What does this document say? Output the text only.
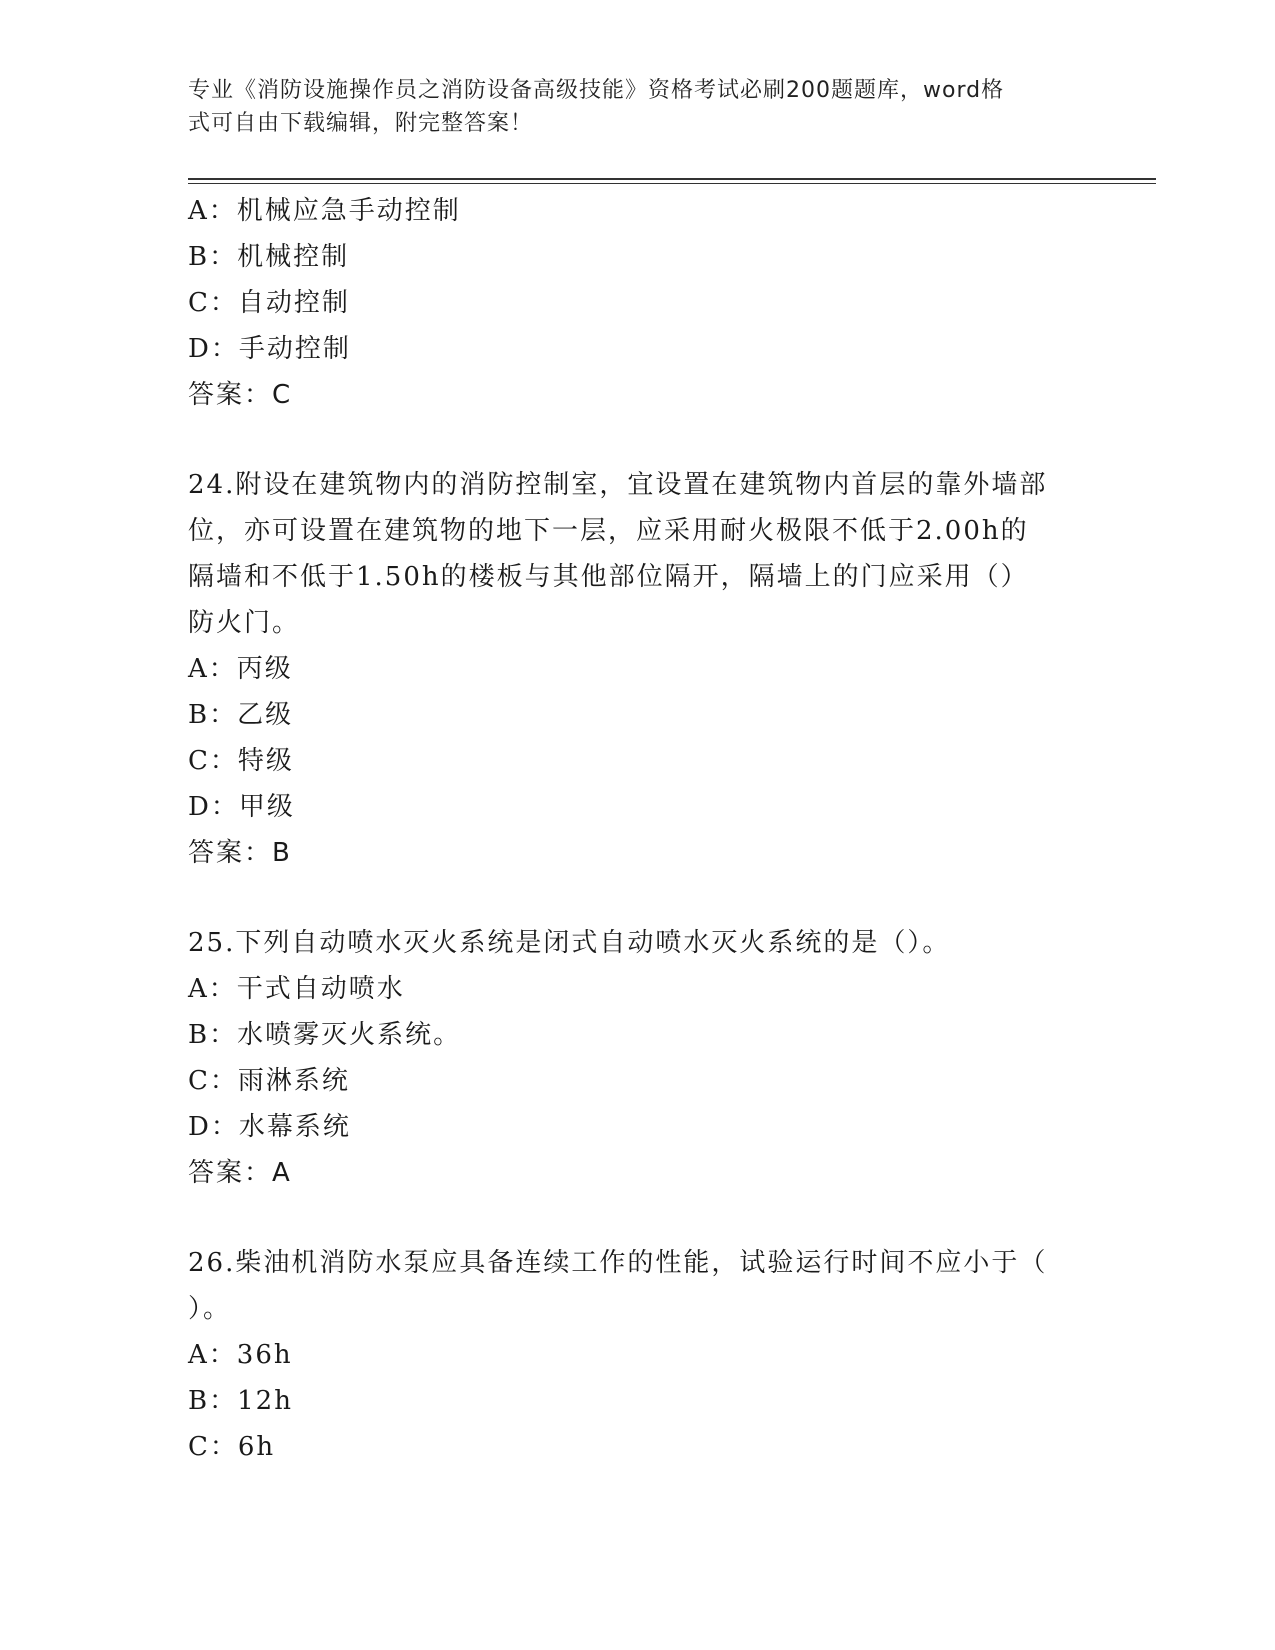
专业《消防设施操作员之消防设备高级技能》资格考试必刷200题题库，word格
式可自由下载编辑，附完整答案！
A：机械应急手动控制
B：机械控制
C：自动控制
D：手动控制
答案：C
24.附设在建筑物内的消防控制室，宜设置在建筑物内首层的靠外墙部
位，亦可设置在建筑物的地下一层，应采用耐火极限不低于2.00h的
隔墙和不低于1.50h的楼板与其他部位隔开，隔墙上的门应采用（）
防火门。
A：丙级
B：乙级
C：特级
D：甲级
答案：B
25.下列自动喷水灭火系统是闭式自动喷水灭火系统的是（）。
A：干式自动喷水
B：水喷雾灭火系统。
C：雨淋系统
D：水幕系统
答案：A
26.柴油机消防水泵应具备连续工作的性能，试验运行时间不应小于（
）。
A：36h
B：12h
C：6h
